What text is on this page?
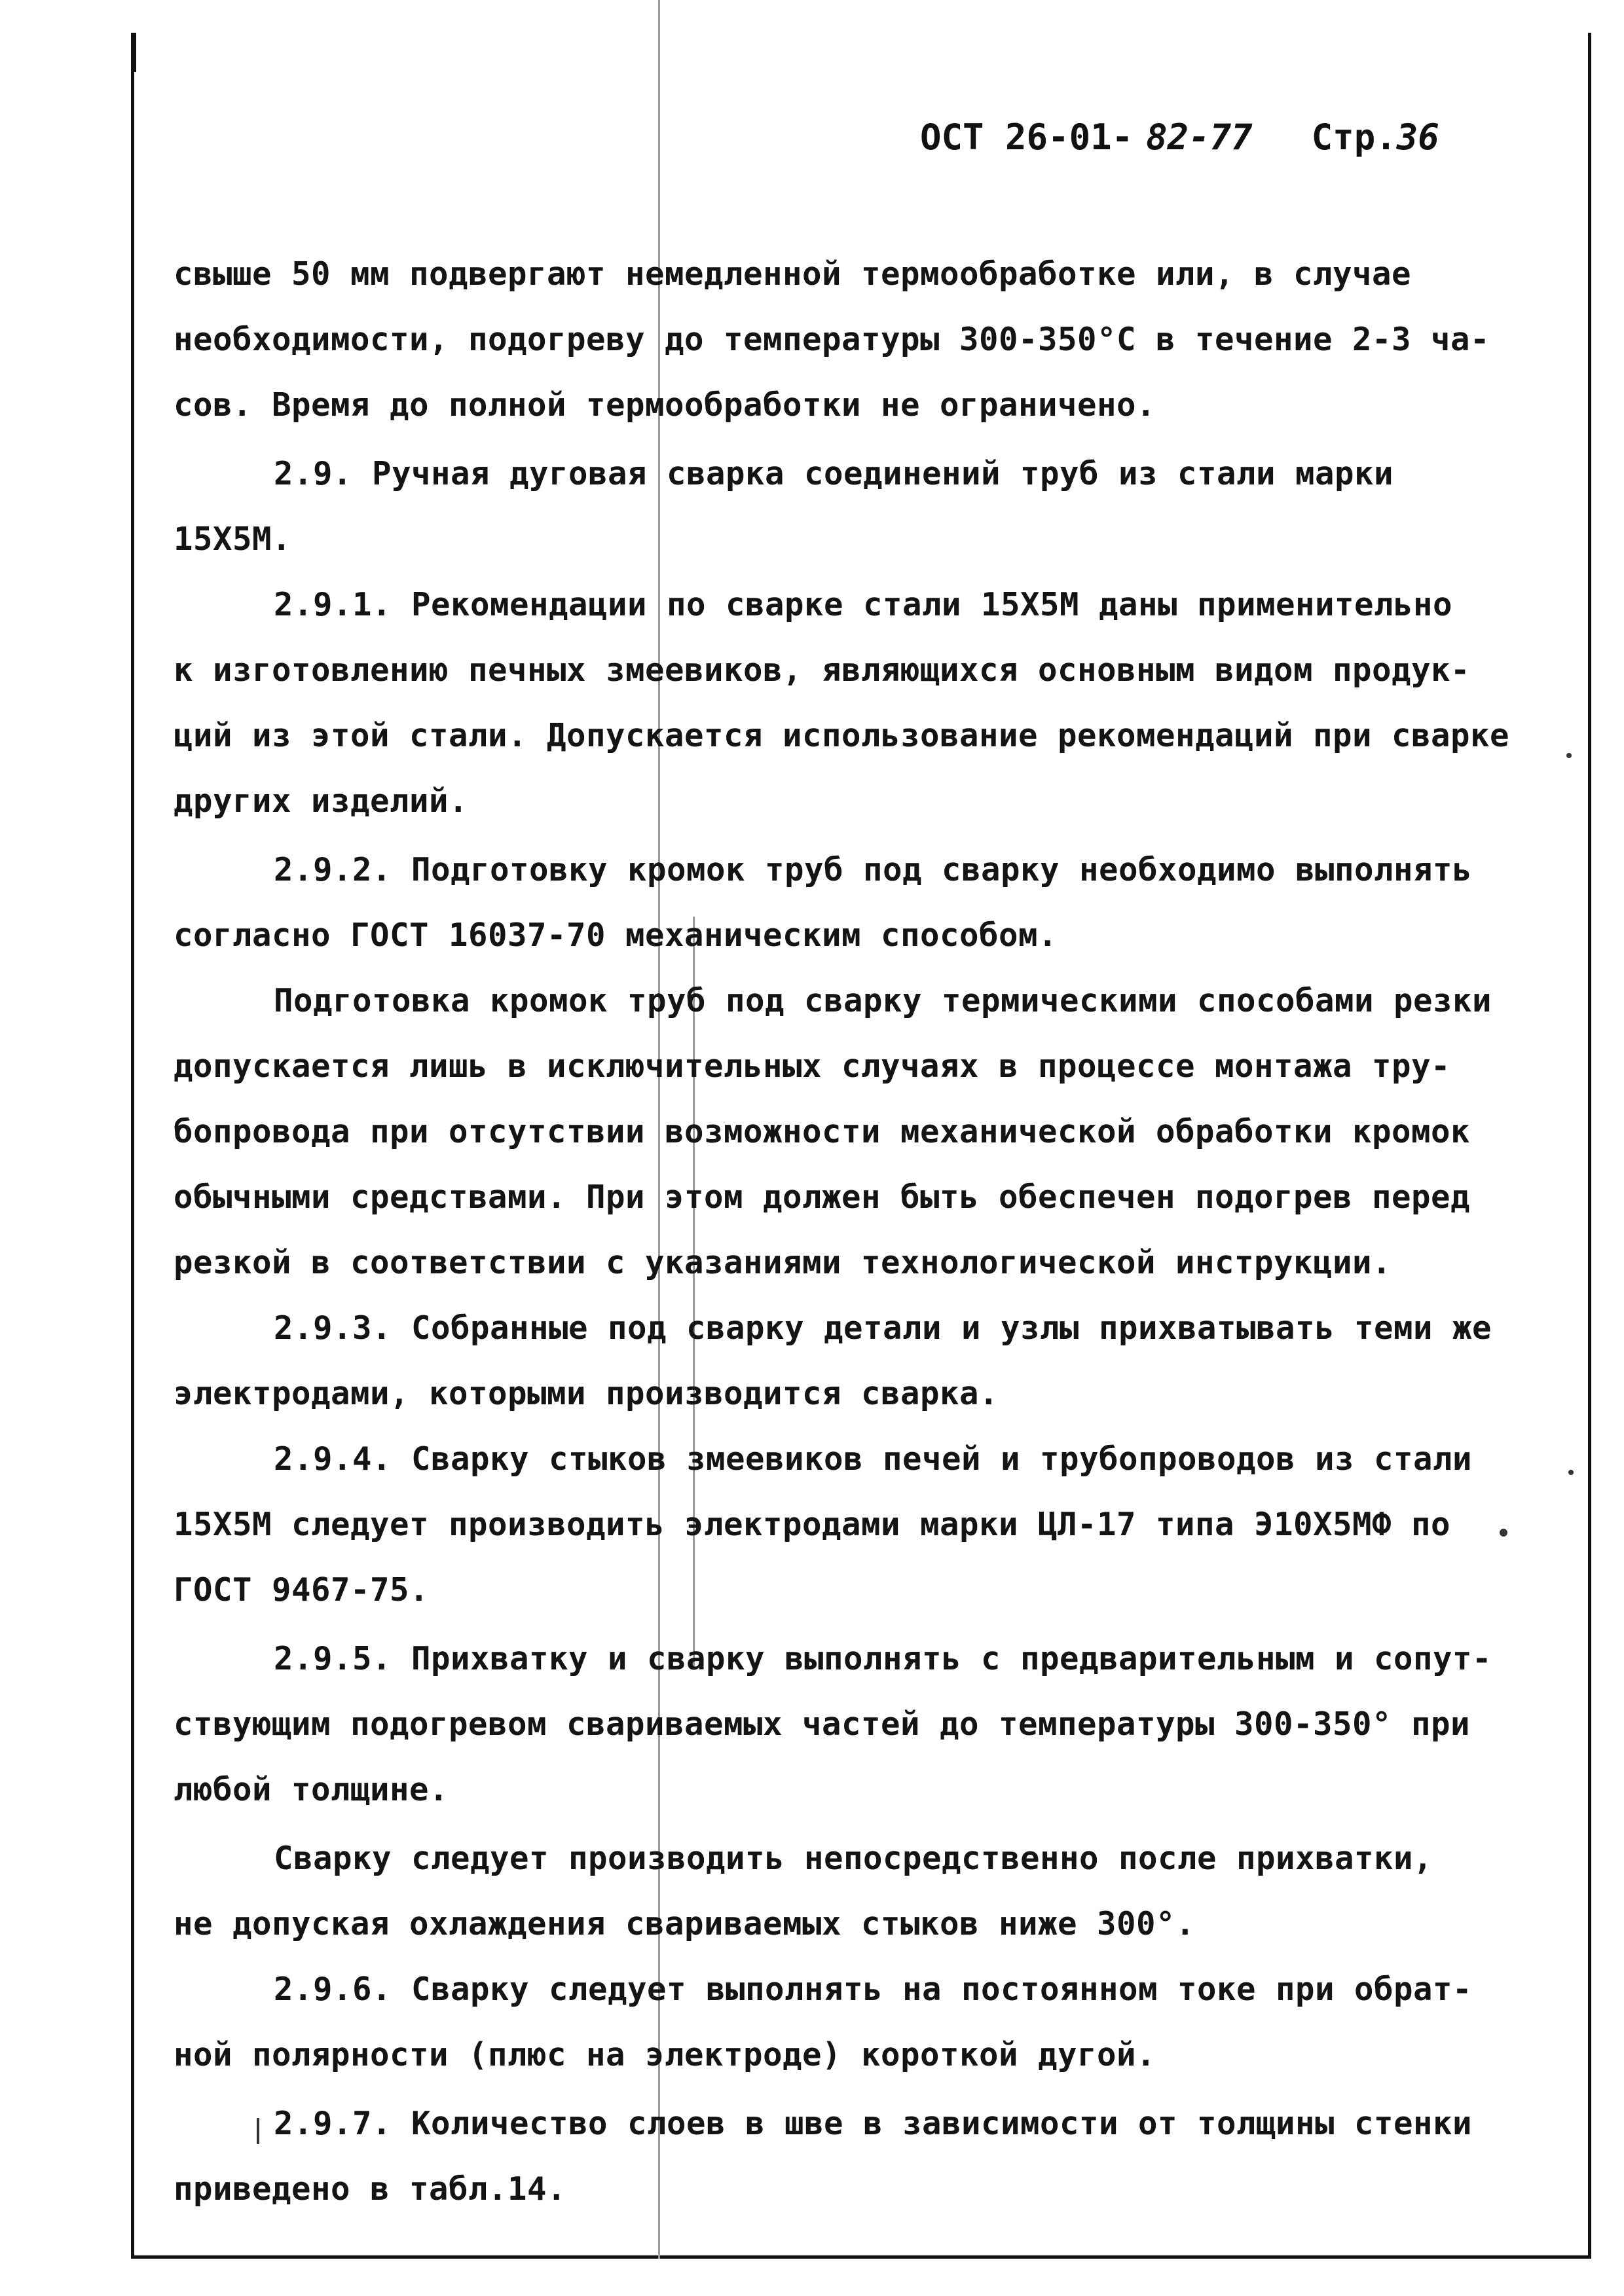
ОСТ 26-01- 82-77 Стр.36
свыше 50 мм подвергают немедленной термообработке или, в случае
необходимости, подогреву до температуры 300-350°С в течение 2-3 ча-
сов. Время до полной термообработки не ограничено.
2.9. Ручная дуговая сварка соединений труб из стали марки
15Х5М.
2.9.1. Рекомендации по сварке стали 15Х5М даны применительно
к изготовлению печных змеевиков, являющихся основным видом продук-
ций из этой стали. Допускается использование рекомендаций при сварке
других изделий.
2.9.2. Подготовку кромок труб под сварку необходимо выполнять
согласно ГОСТ 16037-70 механическим способом.
Подготовка кромок труб под сварку термическими способами резки
допускается лишь в исключительных случаях в процессе монтажа тру-
бопровода при отсутствии возможности механической обработки кромок
обычными средствами. При этом должен быть обеспечен подогрев перед
резкой в соответствии с указаниями технологической инструкции.
2.9.3. Собранные под сварку детали и узлы прихватывать теми же
электродами, которыми производится сварка.
2.9.4. Сварку стыков змеевиков печей и трубопроводов из стали
15Х5М следует производить электродами марки ЦЛ-17 типа Э10Х5МФ по
ГОСТ 9467-75.
2.9.5. Прихватку и сварку выполнять с предварительным и сопут-
ствующим подогревом свариваемых частей до температуры 300-350° при
любой толщине.
Сварку следует производить непосредственно после прихватки,
не допуская охлаждения свариваемых стыков ниже 300°.
2.9.6. Сварку следует выполнять на постоянном токе при обрат-
ной полярности (плюс на электроде) короткой дугой.
2.9.7. Количество слоев в шве в зависимости от толщины стенки
приведено в табл.14.
